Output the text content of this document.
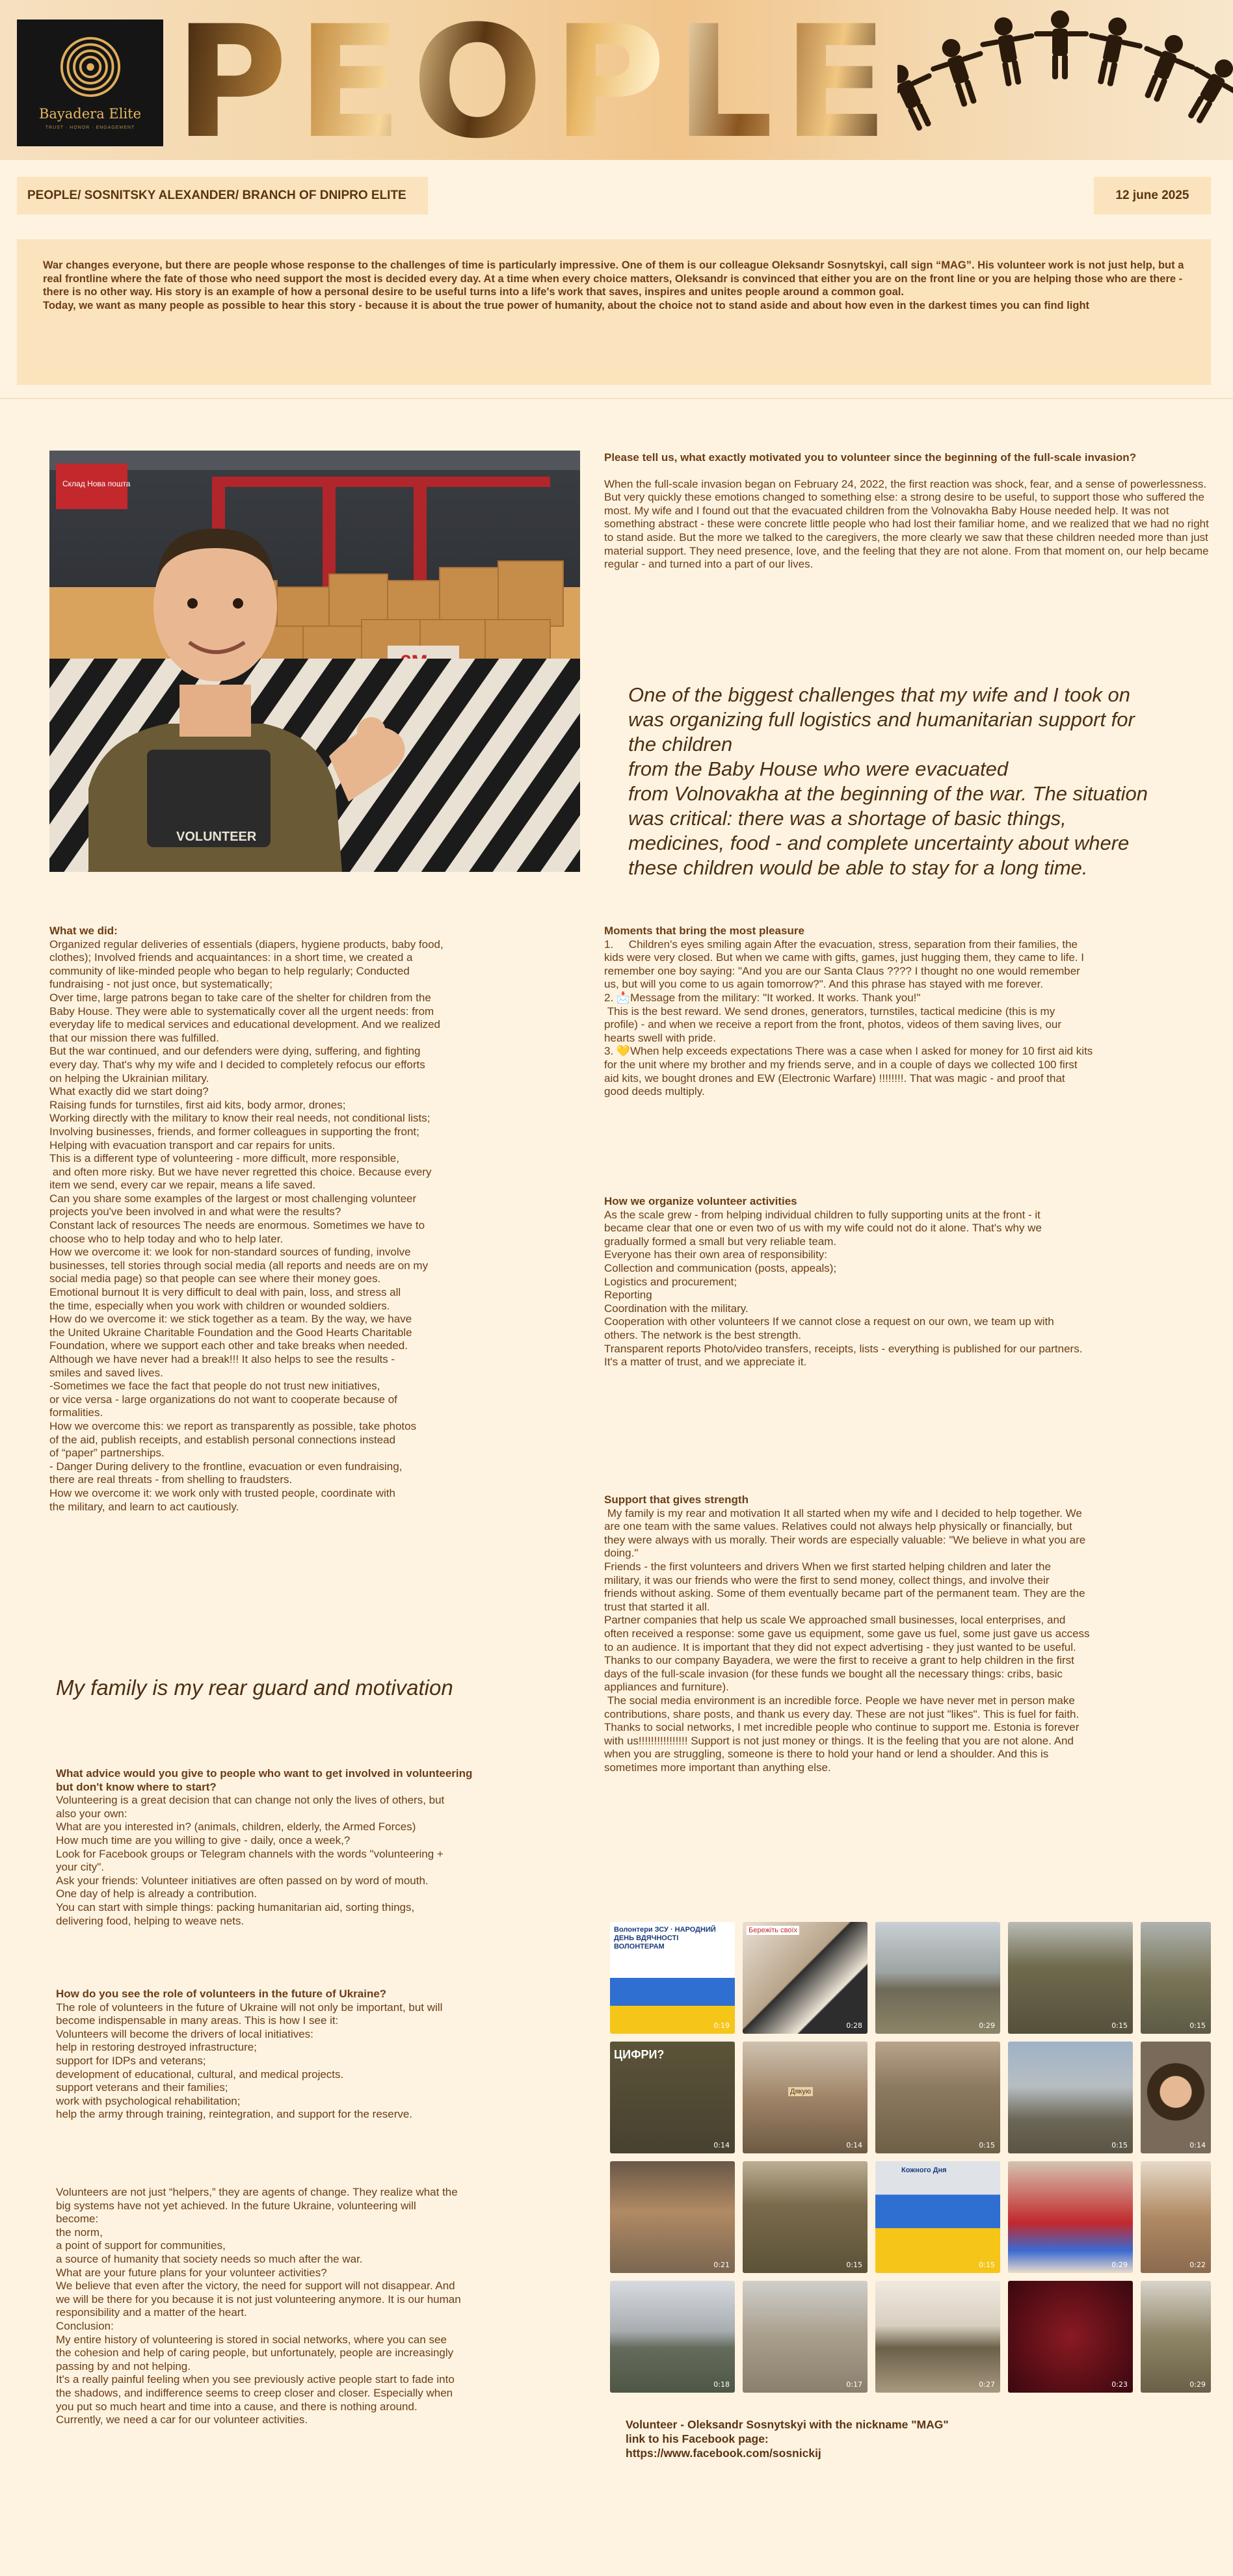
Bayadera Elite
TRUST · HONOR · ENGAGEMENT PEOPLE
PEOPLE/ SOSNITSKY ALEXANDER/ BRANCH OF DNIPRO ELITE	12 june 2025

War changes everyone, but there are people whose response to the challenges of time is particularly impressive. One of them is our colleague Oleksandr Sosnytskyi, call sign “MAG”. His volunteer work is not just help, but a real frontline where the fate of those who need support the most is decided every day. At a time when every choice matters, Oleksandr is convinced that either you are on the front line or you are helping those who are there - there is no other way. His story is an example of how a personal desire to be useful turns into a life's work that saves, inspires and unites people around a common goal.

Today, we want as many people as possible to hear this story - because it is about the true power of humanity, about the choice not to stand aside and about how even in the darkest times you can find light

Склад Нова пошта
VOLUNTEER

Please tell us, what exactly motivated you to volunteer since the beginning of the full-scale invasion?

When the full-scale invasion began on February 24, 2022, the first reaction was shock, fear, and a sense of powerlessness. But very quickly these emotions changed to something else: a strong desire to be useful, to support those who suffered the most. My wife and I found out that the evacuated children from the Volnovakha Baby House needed help. It was not something abstract - these were concrete little people who had lost their familiar home, and we realized that we had no right to stand aside. But the more we talked to the caregivers, the more clearly we saw that these children needed more than just material support. They need presence, love, and the feeling that they are not alone. From that moment on, our help became regular - and turned into a part of our lives.

One of the biggest challenges that my wife and I took on
was organizing full logistics and humanitarian support for
the children
from the Baby House who were evacuated
from Volnovakha at the beginning of the war. The situation
was critical: there was a shortage of basic things,
medicines, food - and complete uncertainty about where
these children would be able to stay for a long time.

What we did:

Organized regular deliveries of essentials (diapers, hygiene products, baby food,

clothes); Involved friends and acquaintances: in a short time, we created a

community of like-minded people who began to help regularly; Conducted

fundraising - not just once, but systematically;

Over time, large patrons began to take care of the shelter for children from the

Baby House. They were able to systematically cover all the urgent needs: from

everyday life to medical services and educational development. And we realized

that our mission there was fulfilled.

But the war continued, and our defenders were dying, suffering, and fighting

every day. That's why my wife and I decided to completely refocus our efforts

on helping the Ukrainian military.

What exactly did we start doing?

Raising funds for turnstiles, first aid kits, body armor, drones;

Working directly with the military to know their real needs, not conditional lists;

Involving businesses, friends, and former colleagues in supporting the front;

Helping with evacuation transport and car repairs for units.

This is a different type of volunteering - more difficult, more responsible,

and often more risky. But we have never regretted this choice. Because every

item we send, every car we repair, means a life saved.

Can you share some examples of the largest or most challenging volunteer

projects you've been involved in and what were the results?

Constant lack of resources The needs are enormous. Sometimes we have to

choose who to help today and who to help later.

How we overcome it: we look for non-standard sources of funding, involve

businesses, tell stories through social media (all reports and needs are on my

social media page) so that people can see where their money goes.

Emotional burnout It is very difficult to deal with pain, loss, and stress all

the time, especially when you work with children or wounded soldiers.

How do we overcome it: we stick together as a team. By the way, we have

the United Ukraine Charitable Foundation and the Good Hearts Charitable

Foundation, where we support each other and take breaks when needed.

Although we have never had a break!!! It also helps to see the results -

smiles and saved lives.

-Sometimes we face the fact that people do not trust new initiatives,

or vice versa - large organizations do not want to cooperate because of

formalities.

How we overcome this: we report as transparently as possible, take photos

of the aid, publish receipts, and establish personal connections instead

of “paper” partnerships.

- Danger During delivery to the frontline, evacuation or even fundraising,

there are real threats - from shelling to fraudsters.

How we overcome it: we work only with trusted people, coordinate with

the military, and learn to act cautiously.

Moments that bring the most pleasure

1.     Children's eyes smiling again After the evacuation, stress, separation from their families, the

kids were very closed. But when we came with gifts, games, just hugging them, they came to life. I

remember one boy saying: "And you are our Santa Claus ???? I thought no one would remember

us, but will you come to us again tomorrow?". And this phrase has stayed with me forever.

2. 📩Message from the military: "It worked. It works. Thank you!"

This is the best reward. We send drones, generators, turnstiles, tactical medicine (this is my

profile) - and when we receive a report from the front, photos, videos of them saving lives, our

hearts swell with pride.

3. 💛When help exceeds expectations There was a case when I asked for money for 10 first aid kits

for the unit where my brother and my friends serve, and in a couple of days we collected 100 first

aid kits, we bought drones and EW (Electronic Warfare) !!!!!!!!. That was magic - and proof that

good deeds multiply.

How we organize volunteer activities

As the scale grew - from helping individual children to fully supporting units at the front - it

became clear that one or even two of us with my wife could not do it alone. That's why we

gradually formed a small but very reliable team.

Everyone has their own area of responsibility:

Collection and communication (posts, appeals);

Logistics and procurement;

Reporting

Coordination with the military.

Cooperation with other volunteers If we cannot close a request on our own, we team up with

others. The network is the best strength.

Transparent reports Photo/video transfers, receipts, lists - everything is published for our partners.

It's a matter of trust, and we appreciate it.

Support that gives strength

My family is my rear and motivation It all started when my wife and I decided to help together. We

are one team with the same values. Relatives could not always help physically or financially, but

they were always with us morally. Their words are especially valuable: "We believe in what you are

doing."

Friends - the first volunteers and drivers When we first started helping children and later the

military, it was our friends who were the first to send money, collect things, and involve their

friends without asking. Some of them eventually became part of the permanent team. They are the

trust that started it all.

Partner companies that help us scale We approached small businesses, local enterprises, and

often received a response: some gave us equipment, some gave us fuel, some just gave us access

to an audience. It is important that they did not expect advertising - they just wanted to be useful.

Thanks to our company Bayadera, we were the first to receive a grant to help children in the first

days of the full-scale invasion (for these funds we bought all the necessary things: cribs, basic

appliances and furniture).

The social media environment is an incredible force. People we have never met in person make

contributions, share posts, and thank us every day. These are not just "likes". This is fuel for faith.

Thanks to social networks, I met incredible people who continue to support me. Estonia is forever

with us!!!!!!!!!!!!!!!! Support is not just money or things. It is the feeling that you are not alone. And

when you are struggling, someone is there to hold your hand or lend a shoulder. And this is

sometimes more important than anything else.

My family is my rear guard and motivation

What advice would you give to people who want to get involved in volunteering

but don't know where to start?

Volunteering is a great decision that can change not only the lives of others, but

also your own:

What are you interested in? (animals, children, elderly, the Armed Forces)

How much time are you willing to give - daily, once a week,?

Look for Facebook groups or Telegram channels with the words "volunteering +

your city".

Ask your friends: Volunteer initiatives are often passed on by word of mouth.

One day of help is already a contribution.

You can start with simple things: packing humanitarian aid, sorting things,

delivering food, helping to weave nets.

How do you see the role of volunteers in the future of Ukraine?

The role of volunteers in the future of Ukraine will not only be important, but will

become indispensable in many areas. This is how I see it:

Volunteers will become the drivers of local initiatives:

help in restoring destroyed infrastructure;

support for IDPs and veterans;

development of educational, cultural, and medical projects.

support veterans and their families;

work with psychological rehabilitation;

help the army through training, reintegration, and support for the reserve.

Volunteers are not just “helpers,” they are agents of change. They realize what the

big systems have not yet achieved. In the future Ukraine, volunteering will

become:

the norm,

a point of support for communities,

a source of humanity that society needs so much after the war.

What are your future plans for your volunteer activities?

We believe that even after the victory, the need for support will not disappear. And

we will be there for you because it is not just volunteering anymore. It is our human

responsibility and a matter of the heart.

Conclusion:

My entire history of volunteering is stored in social networks, where you can see

the cohesion and help of caring people, but unfortunately, people are increasingly

passing by and not helping.

It's a really painful feeling when you see previously active people start to fade into

the shadows, and indifference seems to creep closer and closer. Especially when

you put so much heart and time into a cause, and there is nothing around.

Currently, we need a car for our volunteer activities.

Волонтери ЗСУ · НАРОДНИЙ ДЕНЬ ВДЯЧНОСТІ ВОЛОНТЕРАМ
0:19
Бережіть своїх
0:28	0:29	0:15	0:15
ЦИФРИ?
0:14
Дякую
0:14	0:15	0:15	0:14
0:21	0:15
Кожного Дня
0:15	0:29	0:22
0:18	0:17	0:27	0:23	0:29
Volunteer - Oleksandr Sosnytskyi with the nickname "MAG"
link to his Facebook page:
https://www.facebook.com/sosnickij
